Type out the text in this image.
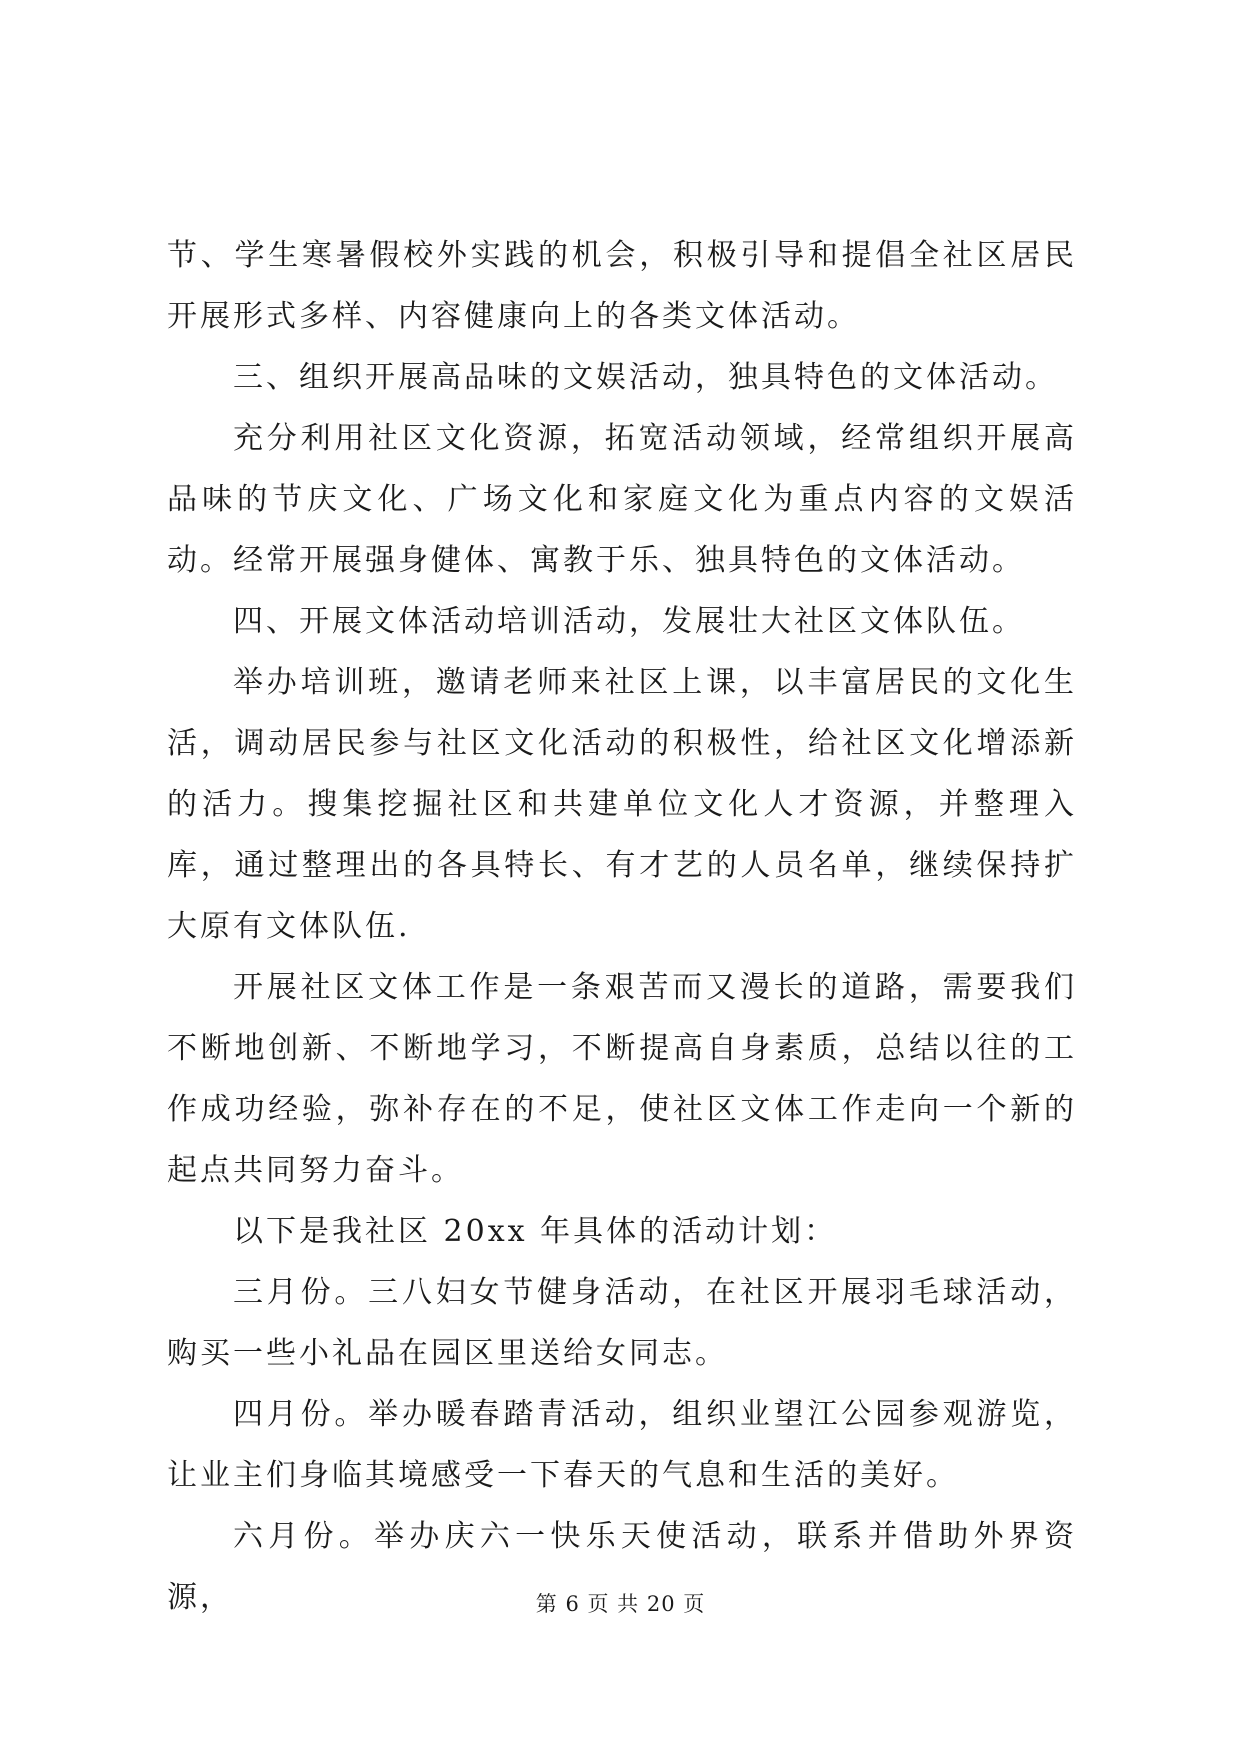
节、学生寒暑假校外实践的机会，积极引导和提倡全社区居民开展形式多样、内容健康向上的各类文体活动。

三、组织开展高品味的文娱活动，独具特色的文体活动。

充分利用社区文化资源，拓宽活动领域，经常组织开展高品味的节庆文化、广场文化和家庭文化为重点内容的文娱活动。经常开展强身健体、寓教于乐、独具特色的文体活动。

四、开展文体活动培训活动，发展壮大社区文体队伍。

举办培训班，邀请老师来社区上课，以丰富居民的文化生活，调动居民参与社区文化活动的积极性，给社区文化增添新的活力。搜集挖掘社区和共建单位文化人才资源，并整理入库，通过整理出的各具特长、有才艺的人员名单，继续保持扩大原有文体队伍.

开展社区文体工作是一条艰苦而又漫长的道路，需要我们不断地创新、不断地学习，不断提高自身素质，总结以往的工作成功经验，弥补存在的不足，使社区文体工作走向一个新的起点共同努力奋斗。

以下是我社区 20xx 年具体的活动计划：

三月份。三八妇女节健身活动，在社区开展羽毛球活动，购买一些小礼品在园区里送给女同志。

四月份。举办暖春踏青活动，组织业望江公园参观游览，让业主们身临其境感受一下春天的气息和生活的美好。

六月份。举办庆六一快乐天使活动，联系并借助外界资源，	第 6 页 共 20 页
